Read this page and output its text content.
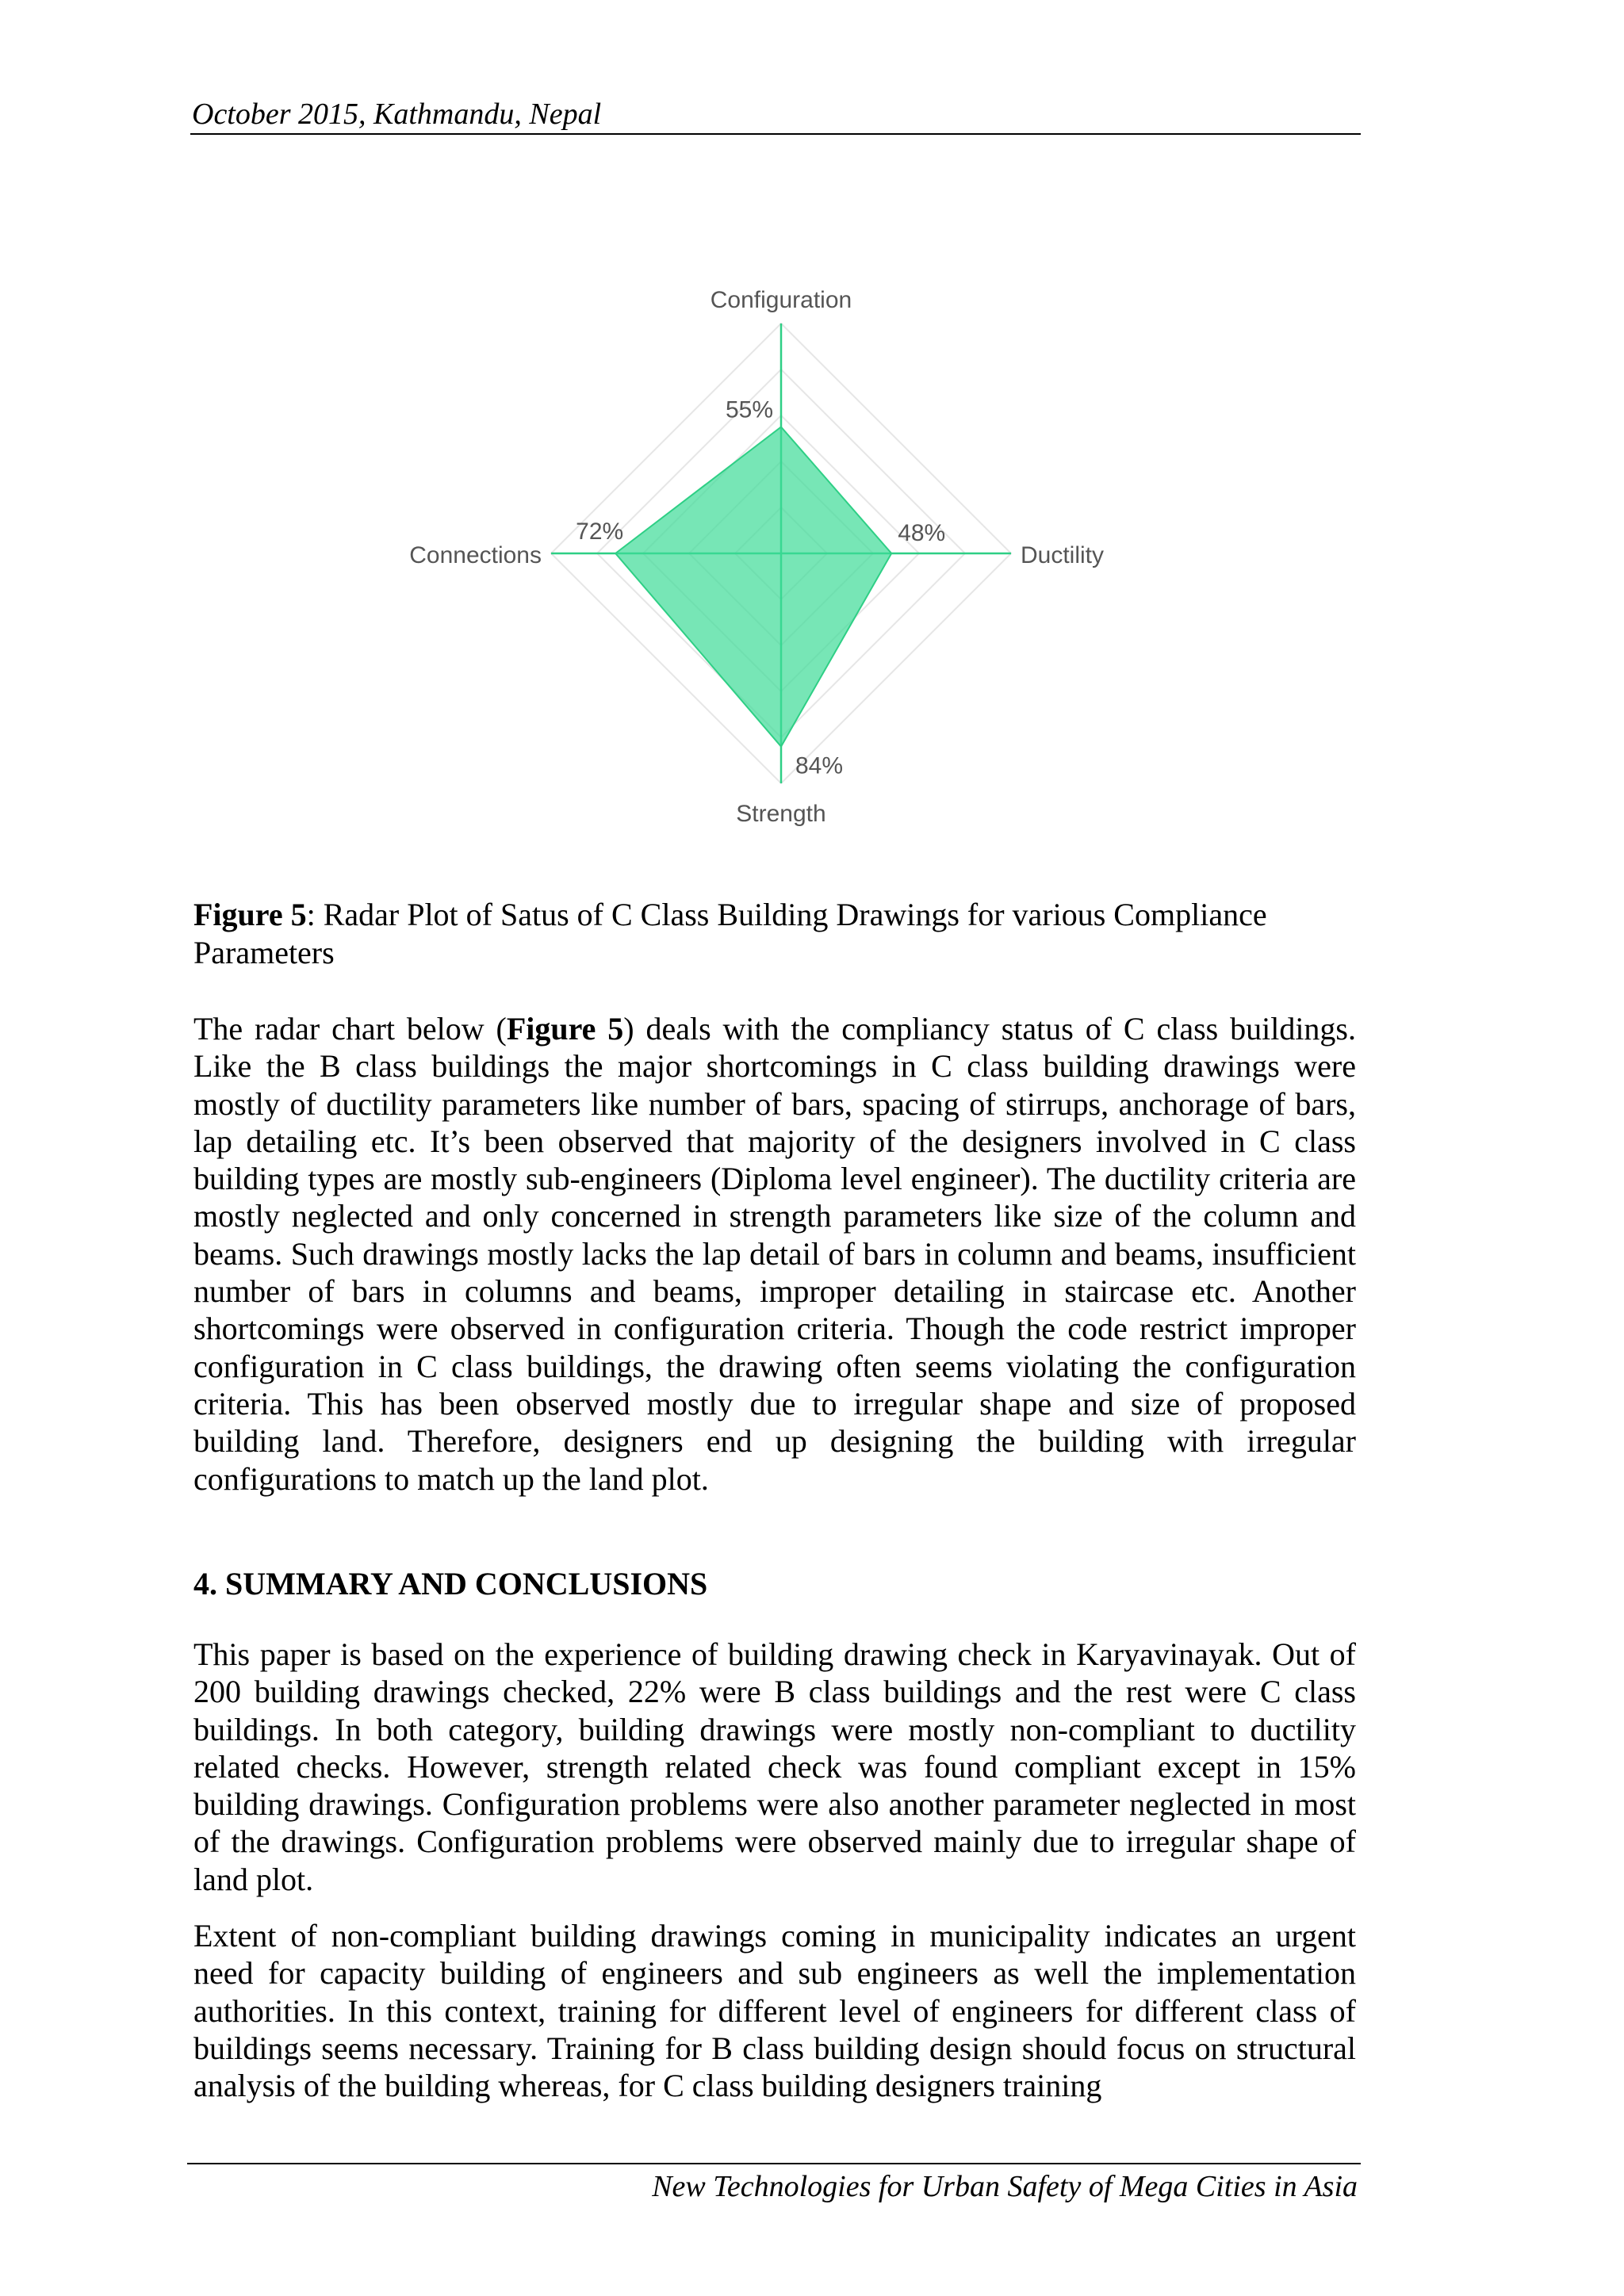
October 2015, Kathmandu, Nepal
Configuration
Ductility
Strength
Connections
55%
48%
84%
72%
Figure 5: Radar Plot of Satus of C Class Building Drawings for various Compliance Parameters

The radar chart below (Figure 5) deals with the compliancy status of C class buildings. Like the B class buildings the major shortcomings in C class building drawings were mostly of ductility parameters like number of bars, spacing of stirrups, anchorage of bars, lap detailing etc. It’s been observed that majority of the designers involved in C class building types are mostly sub-engineers (Diploma level engineer). The ductility criteria are mostly neglected and only concerned in strength parameters like size of the column and beams. Such drawings mostly lacks the lap detail of bars in column and beams, insufficient number of bars in columns and beams, improper detailing in staircase etc. Another shortcomings were observed in configuration criteria. Though the code restrict improper configuration in C class buildings, the drawing often seems violating the configuration criteria. This has been observed mostly due to irregular shape and size of proposed building land. Therefore, designers end up designing the building with irregular configurations to match up the land plot.

4. SUMMARY AND CONCLUSIONS

This paper is based on the experience of building drawing check in Karyavinayak. Out of 200 building drawings checked, 22% were B class buildings and the rest were C class buildings. In both category, building drawings were mostly non-compliant to ductility related checks. However, strength related check was found compliant except in 15% building drawings. Configuration problems were also another parameter neglected in most of the drawings. Configuration problems were observed mainly due to irregular shape of land plot.

Extent of non-compliant building drawings coming in municipality indicates an urgent need for capacity building of engineers and sub engineers as well the implementation authorities. In this context, training for different level of engineers for different class of buildings seems necessary. Training for B class building design should focus on structural analysis of the building whereas, for C class building designers training

New Technologies for Urban Safety of Mega Cities in Asia
